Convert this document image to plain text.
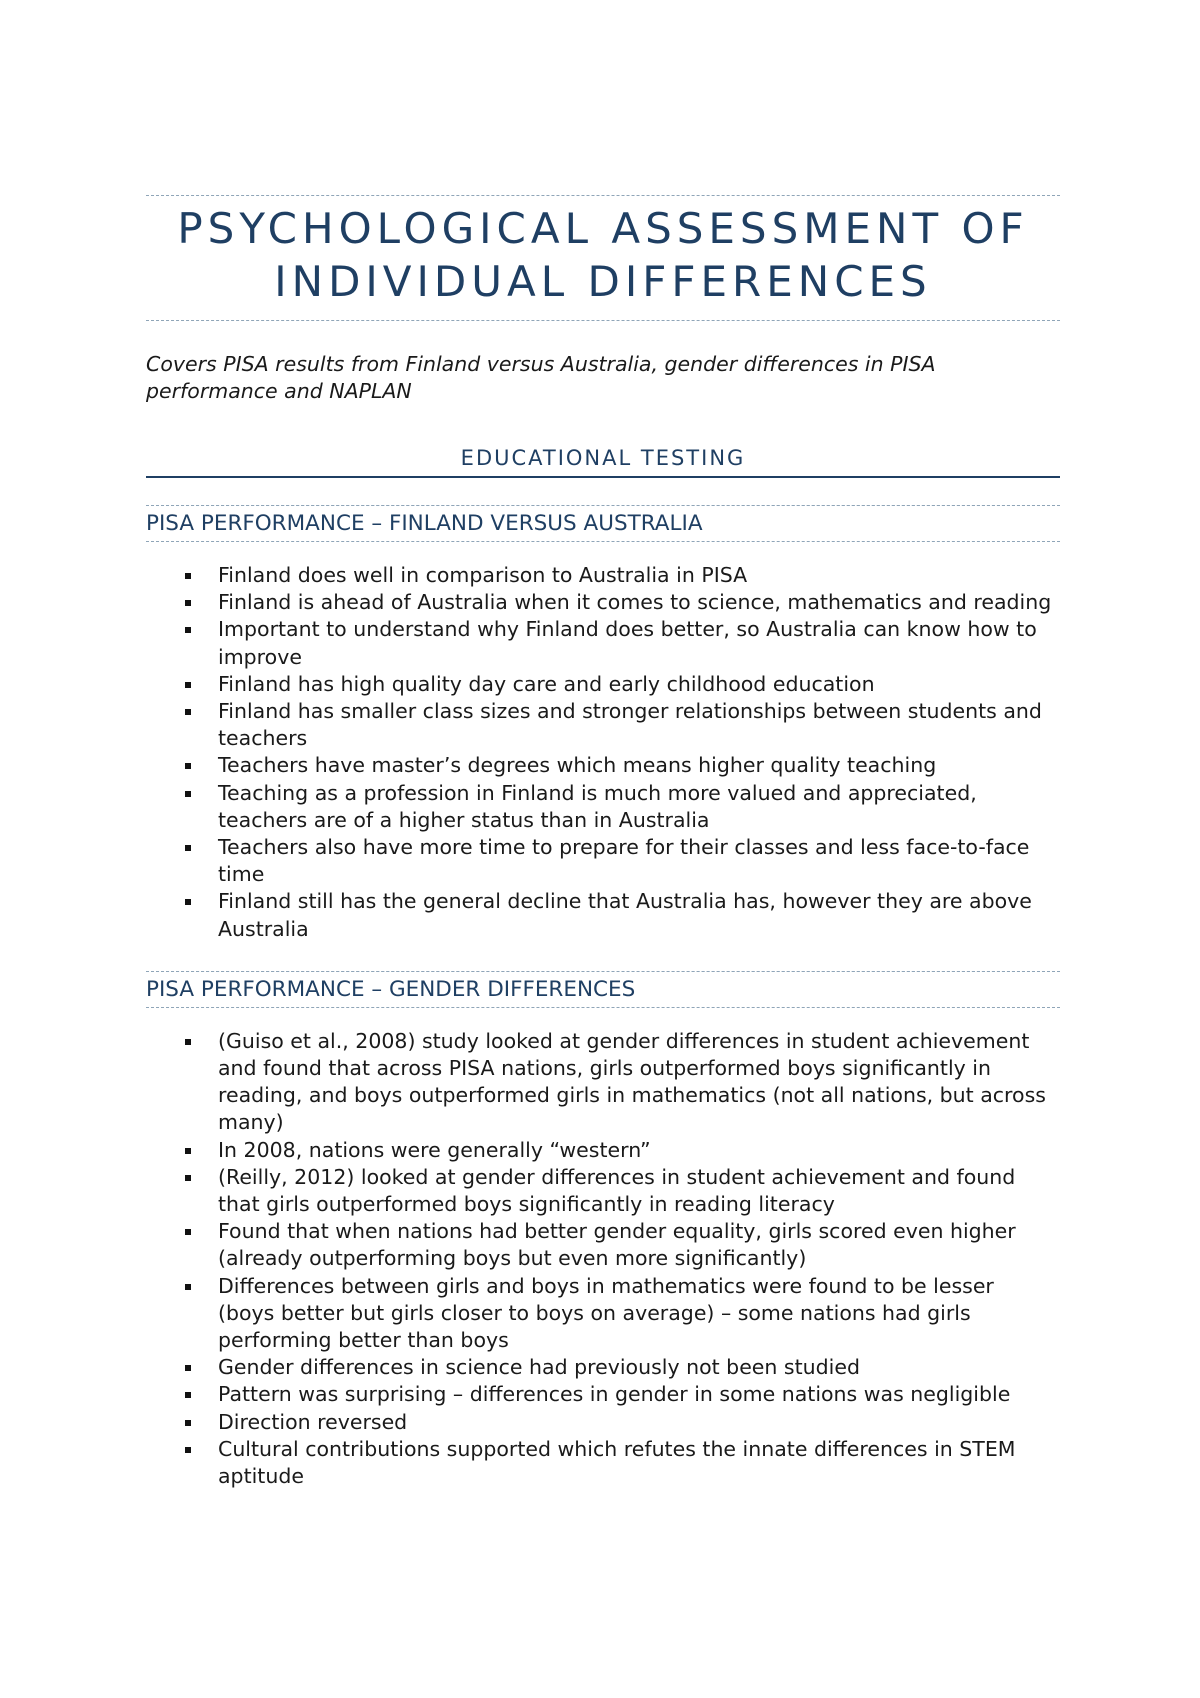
PSYCHOLOGICAL ASSESSMENT OF
INDIVIDUAL DIFFERENCES
Covers PISA results from Finland versus Australia, gender differences in PISA performance and NAPLAN
EDUCATIONAL TESTING
PISA PERFORMANCE – FINLAND VERSUS AUSTRALIA
Finland does well in comparison to Australia in PISA
Finland is ahead of Australia when it comes to science, mathematics and reading
Important to understand why Finland does better, so Australia can know how to improve
Finland has high quality day care and early childhood education
Finland has smaller class sizes and stronger relationships between students and teachers
Teachers have master’s degrees which means higher quality teaching
Teaching as a profession in Finland is much more valued and appreciated, teachers are of a higher status than in Australia
Teachers also have more time to prepare for their classes and less face-to-face time
Finland still has the general decline that Australia has, however they are above Australia
PISA PERFORMANCE – GENDER DIFFERENCES
(Guiso et al., 2008) study looked at gender differences in student achievement and found that across PISA nations, girls outperformed boys significantly in reading, and boys outperformed girls in mathematics (not all nations, but across many)
In 2008, nations were generally “western”
(Reilly, 2012) looked at gender differences in student achievement and found that girls outperformed boys significantly in reading literacy
Found that when nations had better gender equality, girls scored even higher (already outperforming boys but even more significantly)
Differences between girls and boys in mathematics were found to be lesser (boys better but girls closer to boys on average) – some nations had girls performing better than boys
Gender differences in science had previously not been studied
Pattern was surprising – differences in gender in some nations was negligible
Direction reversed
Cultural contributions supported which refutes the innate differences in STEM aptitude
